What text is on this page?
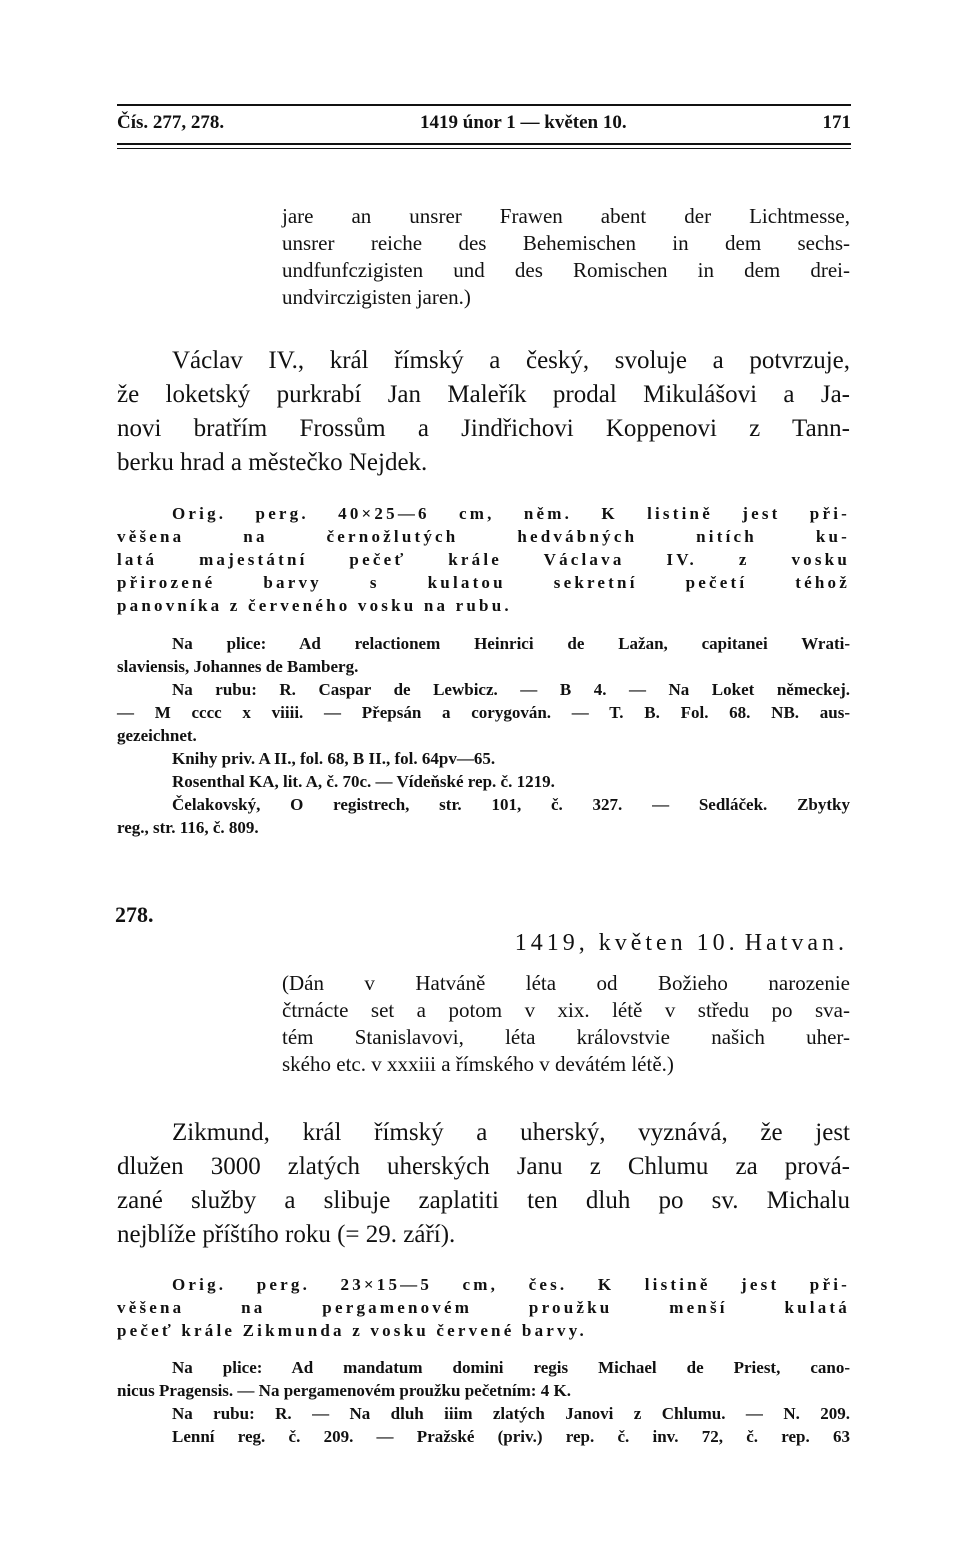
Čís. 277, 278.	1419 únor 1 — květen 10.	171
jare an unsrer Frawen abent der Lichtmesse,
unsrer reiche des Behemischen in dem sechs-
undfunfczigisten und des Romischen in dem drei-
undvirczigisten jaren.)
Václav IV., král římský a český, svoluje a potvrzuje,
že loketský purkrabí Jan Maleřík prodal Mikulášovi a Ja-
novi bratřím Frossům a Jindřichovi Koppenovi z Tann-
berku hrad a městečko Nejdek.
Orig. perg. 40×25—6 cm, něm. K listině jest při-
věšena na černožlutých hedvábných nitích ku-
latá majestátní pečeť krále Václava IV. z vosku
přirozené barvy s kulatou sekretní pečetí téhož
panovníka z červeného vosku na rubu.
Na plice: Ad relactionem Heinrici de Lažan, capitanei Wrati-
slaviensis, Johannes de Bamberg.
Na rubu: R. Caspar de Lewbicz. — B 4. — Na Loket německej.
— M cccc x viiii. — Přepsán a corygován. — T. B. Fol. 68. NB. aus-
gezeichnet.
Knihy priv. A II., fol. 68, B II., fol. 64pv—65.
Rosenthal KA, lit. A, č. 70c. — Vídeňské rep. č. 1219.
Čelakovský, O registrech, str. 101, č. 327. — Sedláček. Zbytky
reg., str. 116, č. 809.
278.
1419, květen 10. Hatvan.
(Dán v Hatváně léta od Božieho narozenie
čtrnácte set a potom v xix. létě v středu po sva-
tém Stanislavovi, léta královstvie našich uher-
ského etc. v xxxiii a římského v devátém létě.)
Zikmund, král římský a uherský, vyznává, že jest
dlužen 3000 zlatých uherských Janu z Chlumu za prová-
zané služby a slibuje zaplatiti ten dluh po sv. Michalu
nejblíže příštího roku (= 29. září).
Orig. perg. 23×15—5 cm, čes. K listině jest při-
věšena na pergamenovém proužku menší kulatá
pečeť krále Zikmunda z vosku červené barvy.
Na plice: Ad mandatum domini regis Michael de Priest, cano-
nicus Pragensis. — Na pergamenovém proužku pečetním: 4 K.
Na rubu: R. — Na dluh iiim zlatých Janovi z Chlumu. — N. 209.
Lenní reg. č. 209. — Pražské (priv.) rep. č. inv. 72, č. rep. 63
